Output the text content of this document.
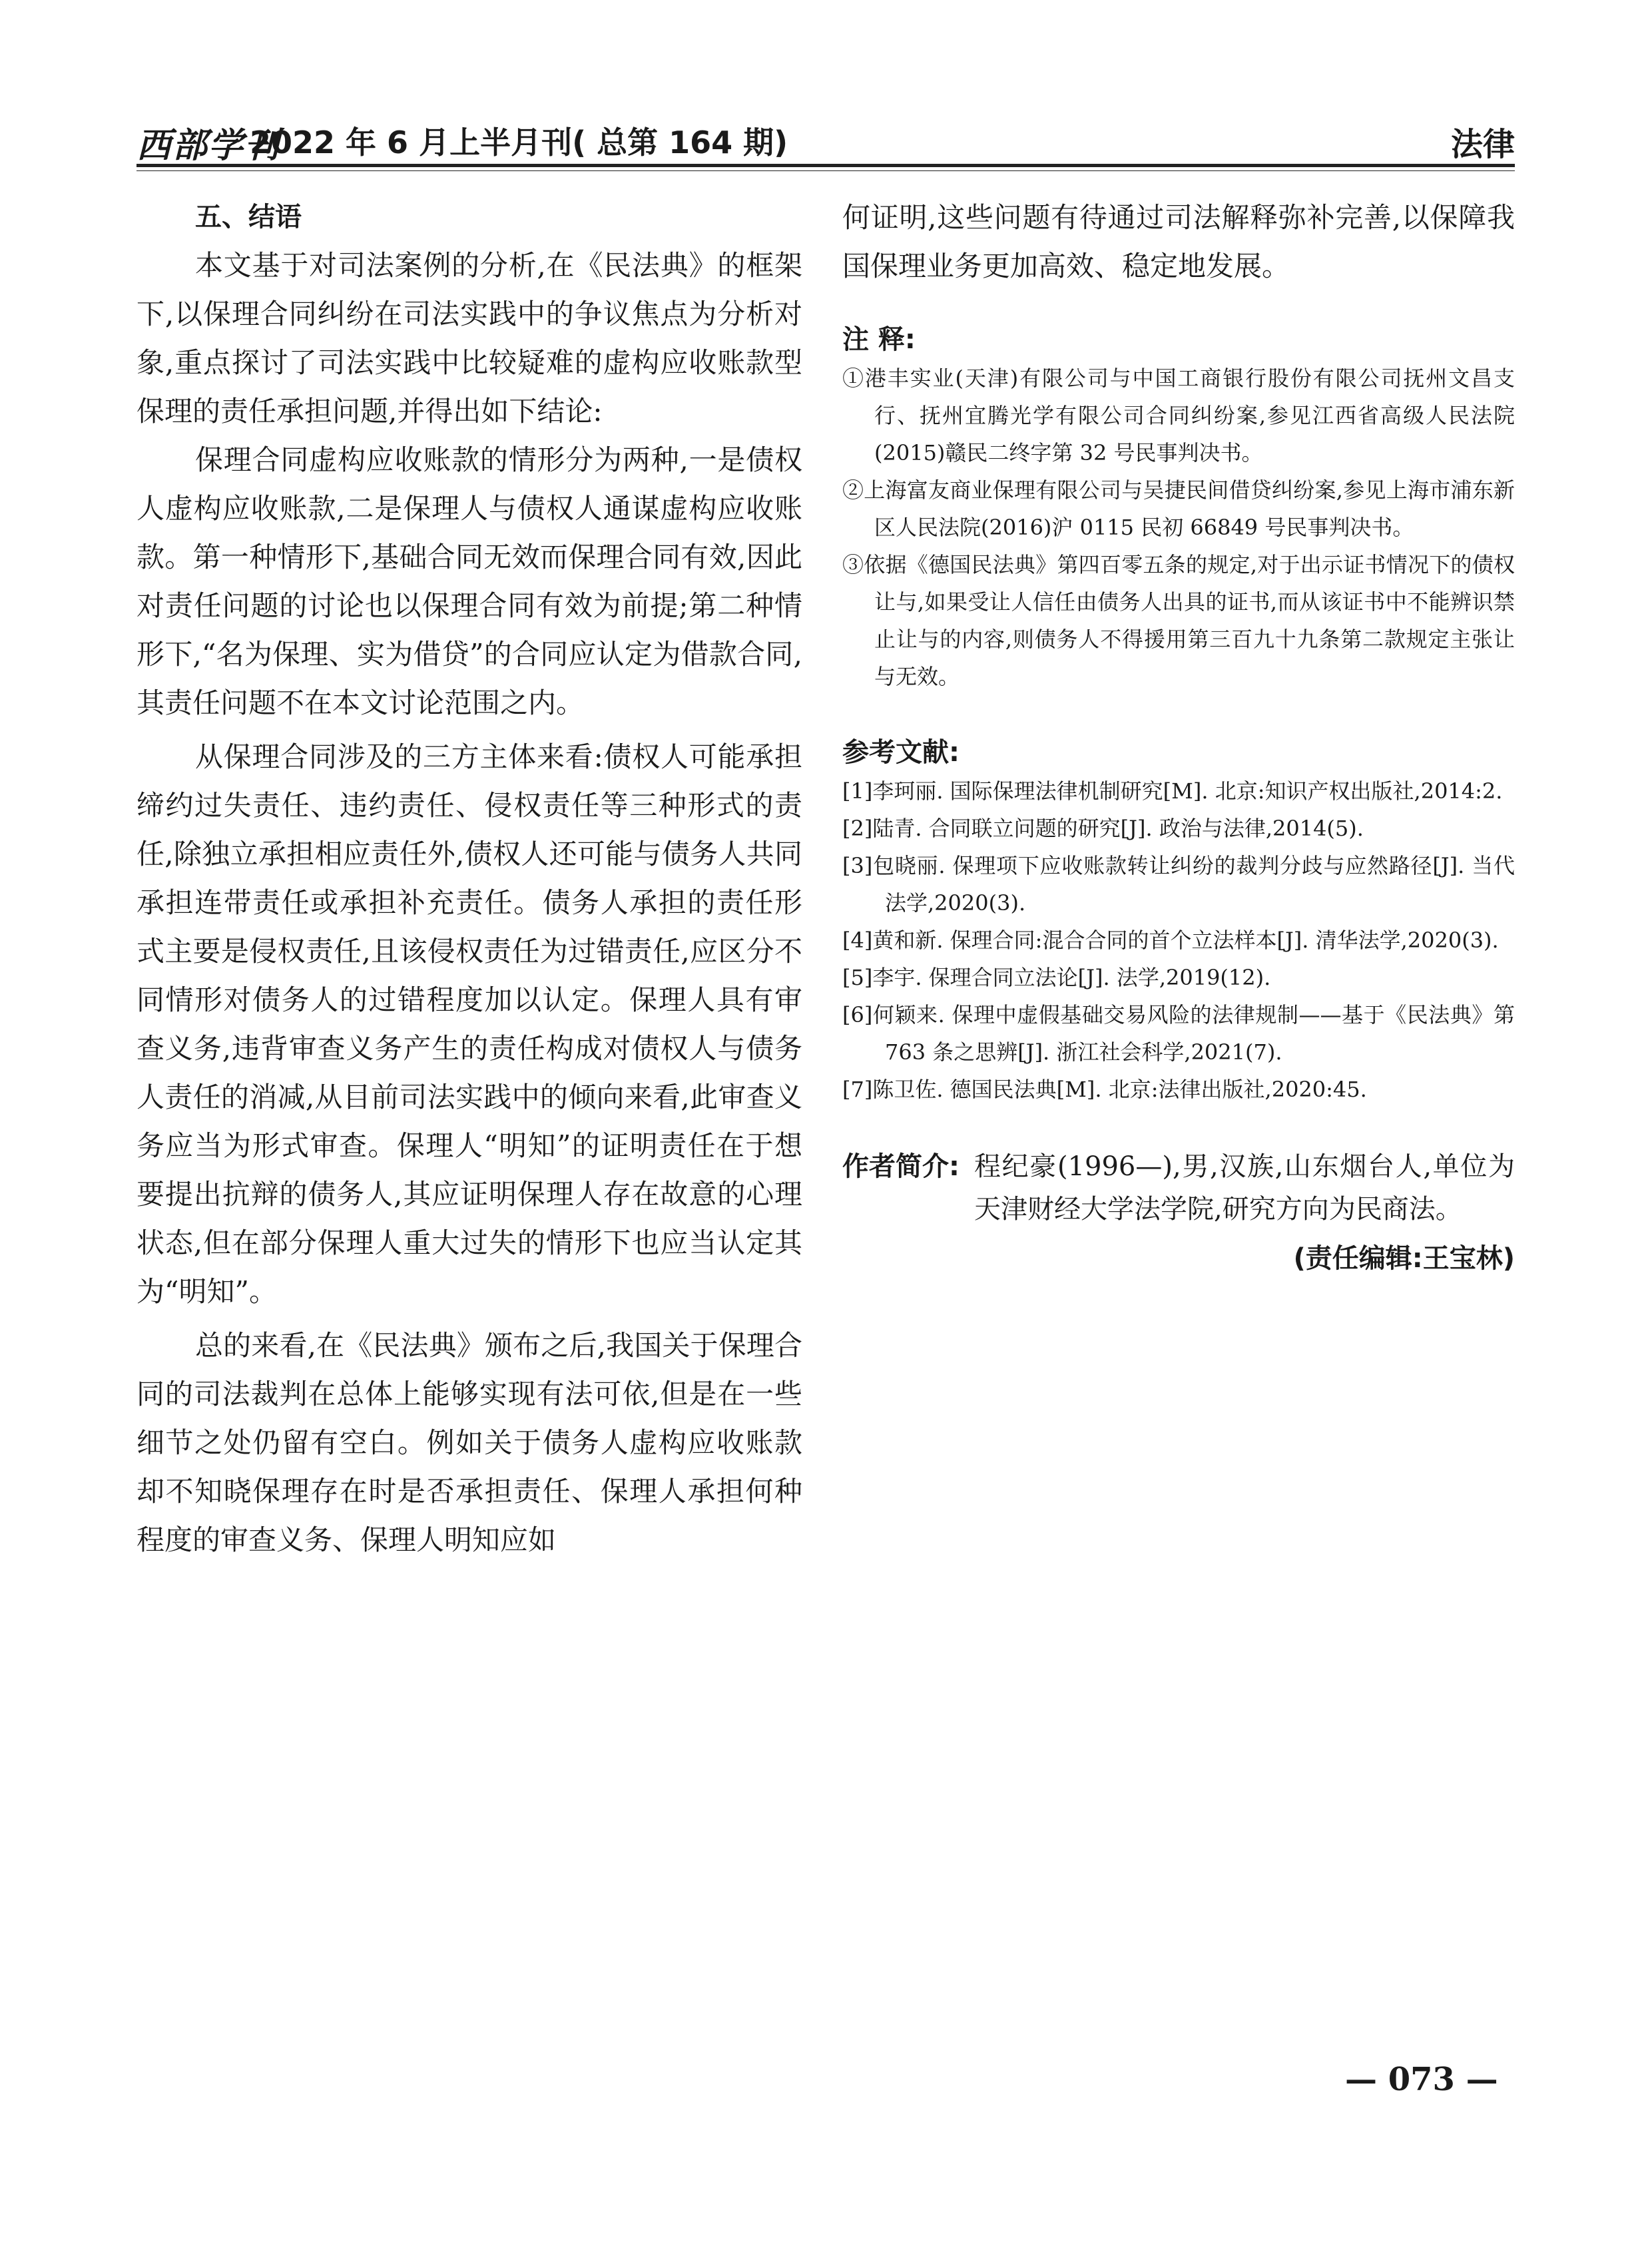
西部学刊
2022 年 6 月上半月刊( 总第 164 期)	法律

五、结语

本文基于对司法案例的分析,在《民法典》的框架下,以保理合同纠纷在司法实践中的争议焦点为分析对象,重点探讨了司法实践中比较疑难的虚构应收账款型保理的责任承担问题,并得出如下结论:

保理合同虚构应收账款的情形分为两种,一是债权人虚构应收账款,二是保理人与债权人通谋虚构应收账款。第一种情形下,基础合同无效而保理合同有效,因此对责任问题的讨论也以保理合同有效为前提;第二种情形下,“名为保理、实为借贷”的合同应认定为借款合同,其责任问题不在本文讨论范围之内。

从保理合同涉及的三方主体来看:债权人可能承担缔约过失责任、违约责任、侵权责任等三种形式的责任,除独立承担相应责任外,债权人还可能与债务人共同承担连带责任或承担补充责任。债务人承担的责任形式主要是侵权责任,且该侵权责任为过错责任,应区分不同情形对债务人的过错程度加以认定。保理人具有审查义务,违背审查义务产生的责任构成对债权人与债务人责任的消减,从目前司法实践中的倾向来看,此审查义务应当为形式审查。保理人“明知”的证明责任在于想要提出抗辩的债务人,其应证明保理人存在故意的心理状态,但在部分保理人重大过失的情形下也应当认定其为“明知”。

总的来看,在《民法典》颁布之后,我国关于保理合同的司法裁判在总体上能够实现有法可依,但是在一些细节之处仍留有空白。例如关于债务人虚构应收账款却不知晓保理存在时是否承担责任、保理人承担何种程度的审查义务、保理人明知应如

何证明,这些问题有待通过司法解释弥补完善,以保障我国保理业务更加高效、稳定地发展。

注 释:

①港丰实业(天津)有限公司与中国工商银行股份有限公司抚州文昌支行、抚州宜腾光学有限公司合同纠纷案,参见江西省高级人民法院(2015)赣民二终字第 32 号民事判决书。

②上海富友商业保理有限公司与吴捷民间借贷纠纷案,参见上海市浦东新区人民法院(2016)沪 0115 民初 66849 号民事判决书。

③依据《德国民法典》第四百零五条的规定,对于出示证书情况下的债权让与,如果受让人信任由债务人出具的证书,而从该证书中不能辨识禁止让与的内容,则债务人不得援用第三百九十九条第二款规定主张让与无效。

参考文献:

[1]李珂丽. 国际保理法律机制研究[M]. 北京:知识产权出版社,2014:2.

[2]陆青. 合同联立问题的研究[J]. 政治与法律,2014(5).

[3]包晓丽. 保理项下应收账款转让纠纷的裁判分歧与应然路径[J]. 当代法学,2020(3).

[4]黄和新. 保理合同:混合合同的首个立法样本[J]. 清华法学,2020(3).

[5]李宇. 保理合同立法论[J]. 法学,2019(12).

[6]何颖来. 保理中虚假基础交易风险的法律规制——基于《民法典》第 763 条之思辨[J]. 浙江社会科学,2021(7).

[7]陈卫佐. 德国民法典[M]. 北京:法律出版社,2020:45.

作者简介: 程纪豪(1996—),男,汉族,山东烟台人,单位为天津财经大学法学院,研究方向为民商法。
(责任编辑:王宝林)
— 073 —
